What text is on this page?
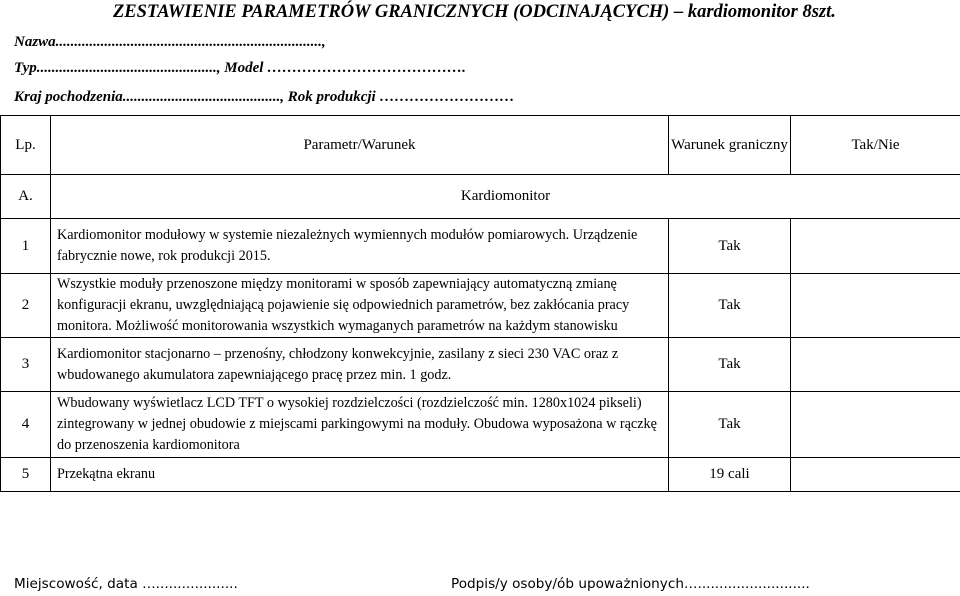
ZESTAWIENIE PARAMETRÓW GRANICZNYCH (ODCINAJĄCYCH) – kardiomonitor 8szt.
Nazwa.......................................................................,
Typ................................................, Model ………………………………….
Kraj pochodzenia.........................................., Rok produkcji ………………………
Lp.	Parametr/Warunek	Warunek graniczny	Tak/Nie
A.	Kardiomonitor		
1	Kardiomonitor modułowy w systemie niezależnych wymiennych modułów pomiarowych. Urządzenie fabrycznie nowe, rok produkcji 2015.	Tak	
2	Wszystkie moduły przenoszone między monitorami w sposób zapewniający automatyczną zmianę konfiguracji ekranu, uwzględniającą pojawienie się odpowiednich parametrów, bez zakłócania pracy monitora. Możliwość monitorowania wszystkich wymaganych parametrów na każdym stanowisku	Tak	
3	Kardiomonitor stacjonarno – przenośny, chłodzony konwekcyjnie, zasilany z sieci 230 VAC oraz z wbudowanego akumulatora zapewniającego pracę przez min. 1 godz.	Tak	
4	Wbudowany wyświetlacz LCD TFT o wysokiej rozdzielczości (rozdzielczość min. 1280x1024 pikseli) zintegrowany w jednej obudowie z miejscami parkingowymi na moduły. Obudowa wyposażona w rączkę do przenoszenia kardiomonitora	Tak	
5	Przekątna ekranu	19 cali	
Miejscowość, data …...................	Podpis/y osoby/ób upoważnionych…..........................
